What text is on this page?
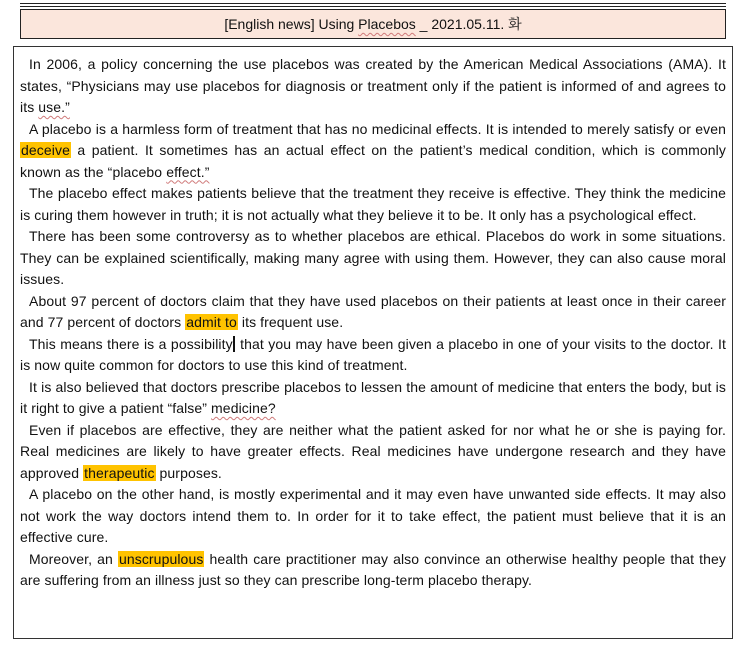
[English news] Using Placebos _ 2021.05.11. 화

In 2006, a policy concerning the use placebos was created by the American Medical Associations (AMA). It states, “Physicians may use placebos for diagnosis or treatment only if the patient is informed of and agrees to its use.”

A placebo is a harmless form of treatment that has no medicinal effects. It is intended to merely satisfy or even deceive a patient. It sometimes has an actual effect on the patient’s medical condition, which is commonly known as the “placebo effect.”

The placebo effect makes patients believe that the treatment they receive is effective. They think the medicine is curing them however in truth; it is not actually what they believe it to be. It only has a psychological effect.

There has been some controversy as to whether placebos are ethical. Placebos do work in some situations. They can be explained scientifically, making many agree with using them. However, they can also cause moral issues.

About 97 percent of doctors claim that they have used placebos on their patients at least once in their career and 77 percent of doctors admit to its frequent use.

This means there is a possibility that you may have been given a placebo in one of your visits to the doctor. It is now quite common for doctors to use this kind of treatment.

It is also believed that doctors prescribe placebos to lessen the amount of medicine that enters the body, but is it right to give a patient “false” medicine?

Even if placebos are effective, they are neither what the patient asked for nor what he or she is paying for. Real medicines are likely to have greater effects. Real medicines have undergone research and they have approved therapeutic purposes.

A placebo on the other hand, is mostly experimental and it may even have unwanted side effects. It may also not work the way doctors intend them to. In order for it to take effect, the patient must believe that it is an effective cure.

Moreover, an unscrupulous health care practitioner may also convince an otherwise healthy people that they are suffering from an illness just so they can prescribe long-term placebo therapy.
